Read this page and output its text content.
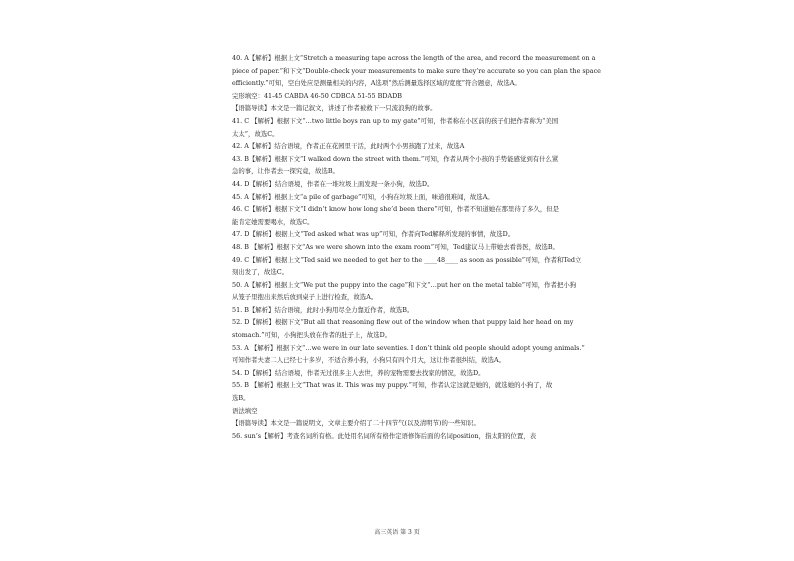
40. A【解析】根据上文“Stretch a measuring tape across the length of the area, and record the measurement on a
piece of paper.”和下文“Double-check your measurements to make sure they’re accurate so you can plan the space
efficiently.”可知，空白处应是测量相关的内容，A选项“然后测量选择区域的宽度”符合题意，故选A。
完形填空：41-45 CABDA 46-50 CDBCA 51-55 BDADB
【语篇导读】本文是一篇记叙文，讲述了作者被救下一只流浪狗的故事。
41. C 【解析】根据下文“…two little boys ran up to my gate”可知，作者称在小区前的孩子们把作者称为“美国
太太”，故选C。
42. A【解析】结合语境，作者正在花园里干活，此时两个小男孩跑了过来，故选A
43. B【解析】根据下文“I walked down the street with them.”可知，作者从两个小孩的手势能感觉到有什么紧
急的事，让作者去一探究竟，故选B。
44. D【解析】结合语境，作者在一堆垃圾上面发现一条小狗，故选D。
45. A【解析】根据上文“a pile of garbage”可知，小狗在垃圾上面，味道很难闻，故选A。
46. C【解析】根据下文“I didn’t know how long she’d been there”可知，作者不知道她在那里待了多久，但是
能肯定她需要喝水，故选C。
47. D【解析】根据上文“Ted asked what was up”可知，作者向Ted解释所发现的事情，故选D。
48. B 【解析】根据下文“As we were shown into the exam room”可知，Ted建议马上带她去看兽医，故选B。
49. C【解析】根据上文“Ted said we needed to get her to the ____48____ as soon as possible”可知，作者和Ted立
刻出发了，故选C。
50. A【解析】根据上文“We put the puppy into the cage”和下文“…put her on the metal table”可知，作者把小狗
从笼子里抱出来然后放到桌子上进行检查，故选A。
51. B【解析】结合语境，此时小狗用尽全力靠近作者，故选B。
52. D【解析】根据下文“But all that reasoning flew out of the window when that puppy laid her head on my
stomach.”可知，小狗把头放在作者的肚子上，故选D。
53. A 【解析】根据下文“…we were in our late seventies. I don’t think old people should adopt young animals.”
可知作者夫妻二人已经七十多岁，不适合养小狗，小狗只有四个月大，这让作者很纠结，故选A。
54. D【解析】结合语境，作者无过很多主人去世，养的宠物需要去找家的情况，故选D。
55. B 【解析】根据上文“That was it. This was my puppy.”可知，作者认定这就是她的，就选她的小狗了，故
选B。
语法填空
【语篇导读】本文是一篇说明文，文章主要介绍了二十四节气(以及清明节)的一些知识。
56. sun’s【解析】考查名词所有格。此处用名词所有格作定语修饰后面的名词position，指太阳的位置，表
高三英语 第 3 页
